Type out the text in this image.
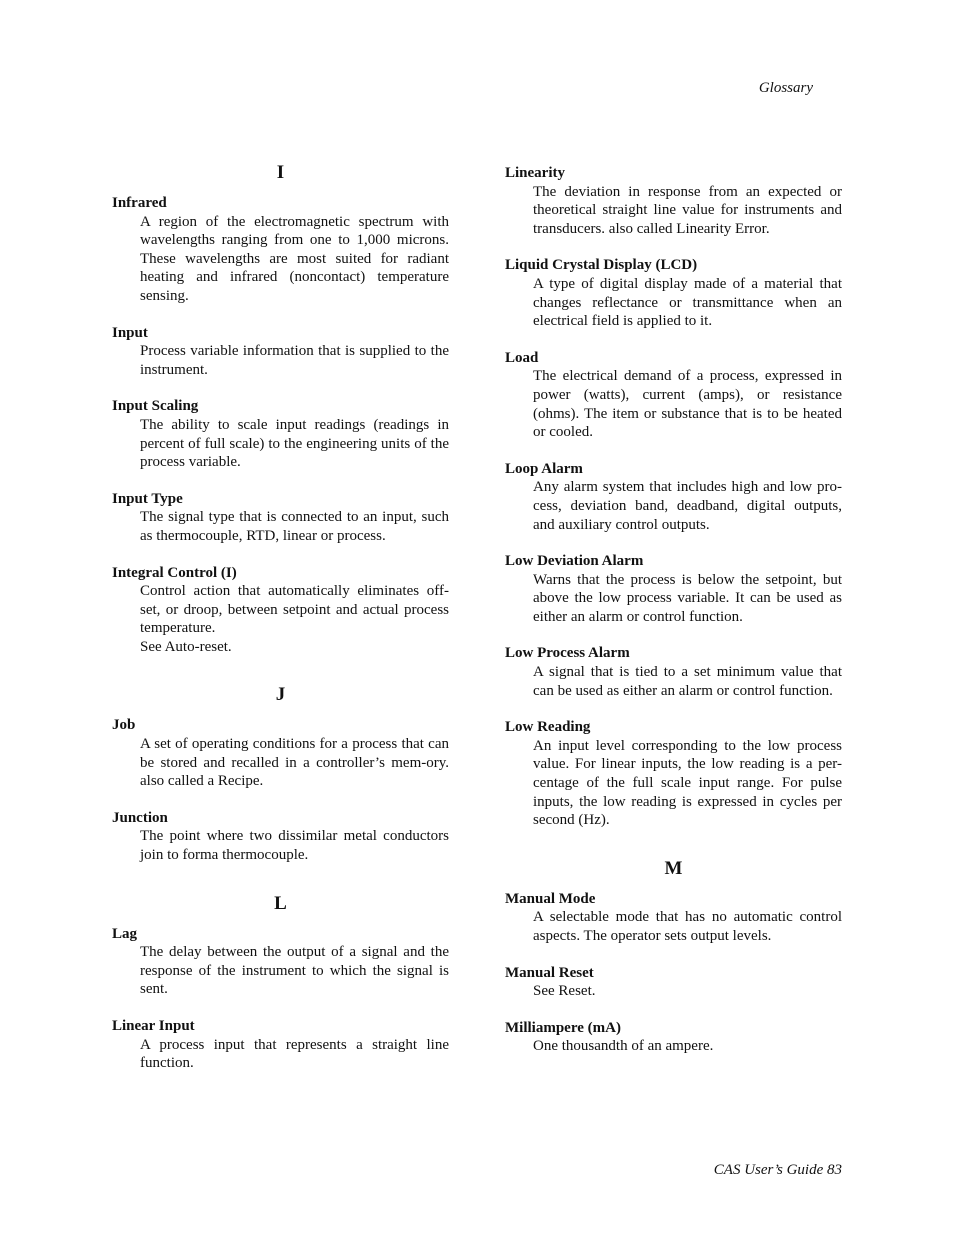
Glossary
I
Infrared
A region of the electromagnetic spectrum with wavelengths ranging from one to 1,000 microns. These wavelengths are most suited for radiant heating and infrared (noncontact) temperature sensing.
Input
Process variable information that is supplied to the instrument.
Input Scaling
The ability to scale input readings (readings in percent of full scale) to the engineering units of the process variable.
Input Type
The signal type that is connected to an input, such as thermocouple, RTD, linear or process.
Integral Control (I)
Control action that automatically eliminates off-set, or droop, between setpoint and actual process temperature.
See Auto-reset.
J
Job
A set of operating conditions for a process that can be stored and recalled in a controller’s mem-ory. also called a Recipe.
Junction
The point where two dissimilar metal conductors join to forma thermocouple.
L
Lag
The delay between the output of a signal and the response of the instrument to which the signal is sent.
Linear Input
A process input that represents a straight line function.
Linearity
The deviation in response from an expected or theoretical straight line value for instruments and transducers. also called Linearity Error.
Liquid Crystal Display (LCD)
A type of digital display made of a material that changes reflectance or transmittance when an electrical field is applied to it.
Load
The electrical demand of a process, expressed in power (watts), current (amps), or resistance (ohms). The item or substance that is to be heated or cooled.
Loop Alarm
Any alarm system that includes high and low pro-cess, deviation band, deadband, digital outputs, and auxiliary control outputs.
Low Deviation Alarm
Warns that the process is below the setpoint, but above the low process variable. It can be used as either an alarm or control function.
Low Process Alarm
A signal that is tied to a set minimum value that can be used as either an alarm or control function.
Low Reading
An input level corresponding to the low process value. For linear inputs, the low reading is a per-centage of the full scale input range. For pulse inputs, the low reading is expressed in cycles per second (Hz).
M
Manual Mode
A selectable mode that has no automatic control aspects. The operator sets output levels.
Manual Reset
See Reset.
Milliampere (mA)
One thousandth of an ampere.
CAS User’s Guide 83
